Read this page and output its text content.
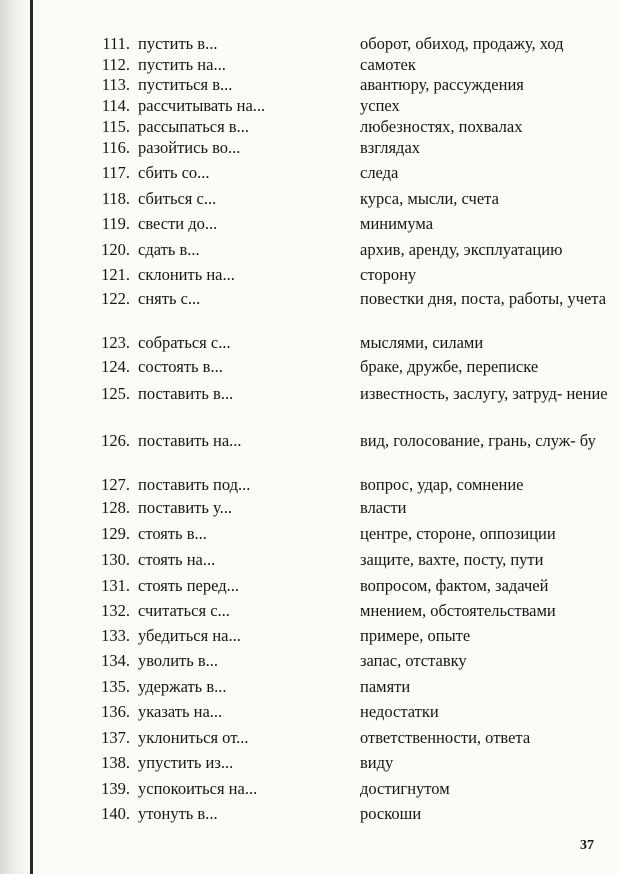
111. пустить в...	оборот, обиход, продажу, ход
112. пустить на...	самотек
113. пуститься в...	авантюру, рассуждения
114. рассчитывать на...	успех
115. рассыпаться в...	любезностях, похвалах
116. разойтись во...	взглядах
117. сбить со...	следа
118. сбиться с...	курса, мысли, счета
119. свести до...	минимума
120. сдать в...	архив, аренду, эксплуатацию
121. склонить на...	сторону
122. снять с...	повестки дня, поста, работы, учета
123. собраться с...	мыслями, силами
124. состоять в...	браке, дружбе, переписке
125. поставить в...	известность, заслугу, затруд- нение
126. поставить на...	вид, голосование, грань, служ- бу
127. поставить под...	вопрос, удар, сомнение
128. поставить у...	власти
129. стоять в...	центре, стороне, оппозиции
130. стоять на...	защите, вахте, посту, пути
131. стоять перед...	вопросом, фактом, задачей
132. считаться с...	мнением, обстоятельствами
133. убедиться на...	примере, опыте
134. уволить в...	запас, отставку
135. удержать в...	памяти
136. указать на...	недостатки
137. уклониться от...	ответственности, ответа
138. упустить из...	виду
139. успокоиться на...	достигнутом
140. утонуть в...	роскоши
37
